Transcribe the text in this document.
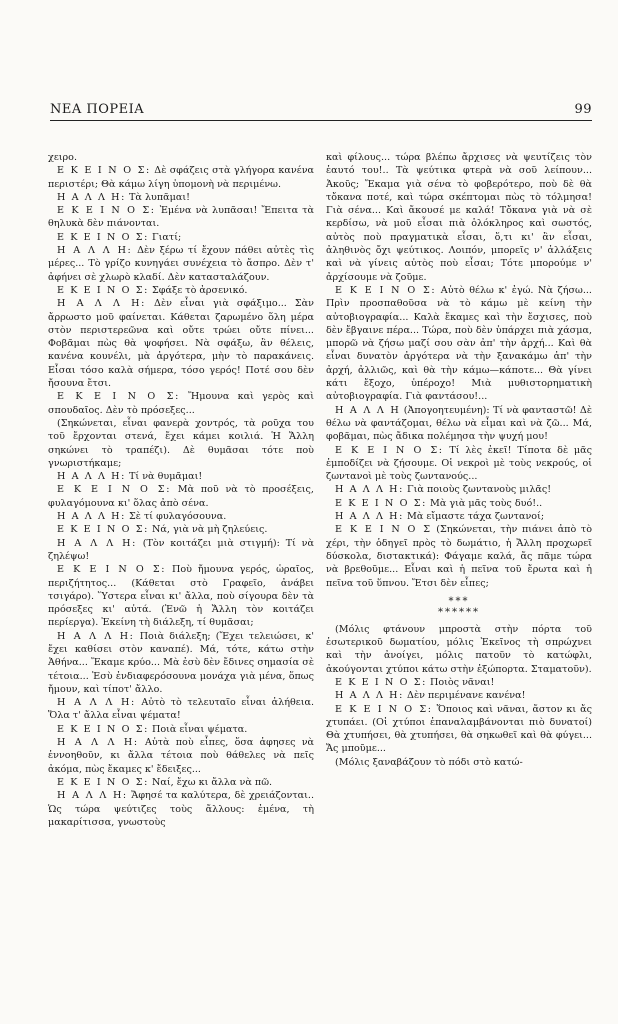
ΝΕΑ ΠΟΡΕΙΑ	99

χειρο.

Ε Κ Ε Ι Ν Ο Σ: Δὲ σφάζεις στὰ γλήγορα κανένα περιστέρι; Θὰ κάμω λίγη ὑπομονὴ νὰ περιμένω.

Η Α Λ Λ Η: Τὰ λυπᾶμαι!

Ε Κ Ε Ι Ν Ο Σ: Ἐμένα νὰ λυπᾶσαι! Ἔπειτα τὰ θηλυκὰ δὲν πιάνονται.

Ε Κ Ε Ι Ν Ο Σ: Γιατί;

Η Α Λ Λ Η: Δὲν ξέρω τί ἔχουν πάθει αὐτὲς τὶς μέρες... Τὸ γρίζο κυνηγάει συνέχεια τὸ ἄσπρο. Δὲν τ' ἀφήνει σὲ χλωρὸ κλαδί. Δὲν κατασταλάζουν.

Ε Κ Ε Ι Ν Ο Σ: Σφάξε τὸ ἀρσενικό.

Η Α Λ Λ Η: Δὲν εἶναι γιὰ σφάξιμο... Σὰν ἄρρωστο μοῦ φαίνεται. Κάθεται ζαρωμένο ὅλη μέρα στὸν περιστερεῶνα καὶ οὔτε τρώει οὔτε πίνει... Φοβᾶμαι πὼς θὰ ψοφήσει. Νὰ σφάξω, ἂν θέλεις, κανένα κουνέλι, μὰ ἀργότερα, μὴν τὸ παρακάνεις. Εἶσαι τόσο καλὰ σήμερα, τόσο γερός! Ποτέ σου δὲν ἤσουνα ἔτσι.

Ε Κ Ε Ι Ν Ο Σ: Ἤμουνα καὶ γερὸς καὶ σπουδαῖος. Δὲν τὸ πρόσεξες...

(Σηκώνεται, εἶναι φανερὰ χοντρός, τὰ ροῦχα του τοῦ ἔρχονται στενά, ἔχει κάμει κοιλιά. Ἡ Ἄλλη σηκώνει τὸ τραπέζι). Δὲ θυμᾶσαι τότε ποὺ γνωριστήκαμε;

Η Α Λ Λ Η: Τί νὰ θυμᾶμαι!

Ε Κ Ε Ι Ν Ο Σ: Μὰ ποῦ νὰ τὸ προσέξεις, φυλαγόμουνα κι' ὅλας ἀπὸ σένα.

Η Α Λ Λ Η: Σὲ τί φυλαγόσουνα.

Ε Κ Ε Ι Ν Ο Σ: Νά, γιὰ νὰ μὴ ζηλεύεις.

Η Α Λ Λ Η: (Τὸν κοιτάζει μιὰ στιγμή): Τί νὰ ζηλέψω!

Ε Κ Ε Ι Ν Ο Σ: Ποὺ ἤμουνα γερός, ὡραῖος, περιζήτητος... (Κάθεται στὸ Γραφεῖο, ἀνάβει τσιγάρο). Ὕστερα εἶναι κι' ἄλλα, ποὺ σίγουρα δὲν τὰ πρόσεξες κι' αὐτά. (Ἐνῶ ἡ Ἄλλη τὸν κοιτάζει περίεργα). Ἐκείνη τὴ διάλεξη, τί θυμᾶσαι;

Η Α Λ Λ Η: Ποιὰ διάλεξη; (Ἔχει τελειώσει, κ' ἔχει καθίσει στὸν καναπέ). Μά, τότε, κάτω στὴν Ἀθήνα... Ἔκαμε κρύο... Μὰ ἐσὺ δὲν ἔδινες σημασία σὲ τέτοια... Ἐσὺ ἐνδιαφερόσουνα μονάχα γιὰ μένα, ὅπως ἤμουν, καὶ τίποτ' ἄλλο.

Η Α Λ Λ Η: Αὐτὸ τὸ τελευταῖο εἶναι ἀλήθεια. Ὅλα τ' ἄλλα εἶναι ψέματα!

Ε Κ Ε Ι Ν Ο Σ: Ποιὰ εἶναι ψέματα.

Η Α Λ Λ Η: Αὐτὰ ποὺ εἶπες, ὅσα ἀφησες νὰ ἐννοηθοῦν, κι ἄλλα τέτοια ποὺ θάθελες νὰ πεῖς ἀκόμα, πὼς ἔκαμες κ' ἔδειξες...

Ε Κ Ε Ι Ν Ο Σ: Ναί, ἔχω κι ἄλλα νὰ πῶ.

Η Α Λ Λ Η: Ἄφησέ τα καλύτερα, δὲ χρειάζονται.. Ὡς τώρα ψεύτιζες τοὺς ἄλλους: ἐμένα, τὴ μακαρίτισσα, γνωστοὺς

καὶ φίλους... τώρα βλέπω ἄρχισες νὰ ψευτίζεις τὸν ἑαυτό του!.. Τὰ ψεύτικα φτερὰ νὰ σοῦ λείπουν... Ἀκοῦς; Ἔκαμα γιὰ σένα τὸ φοβερότερο, ποὺ δὲ θὰ τὄκανα ποτέ, καὶ τώρα σκέπτομαι πὼς τὸ τόλμησα! Γιὰ σένα... Καὶ ἄκουσέ με καλά! Τὄκανα γιὰ νὰ σὲ κερδίσω, νὰ μοῦ εἶσαι πιὰ ὁλόκληρος καὶ σωστός, αὐτὸς ποὺ πραγματικὰ εἶσαι, ὅ,τι κι' ἂν εἶσαι, ἀληθινὸς ὄχι ψεύτικος. Λοιπόν, μπορεῖς ν' ἀλλάξεις καὶ νὰ γίνεις αὐτὸς ποὺ εἶσαι; Τότε μπορούμε ν' ἀρχίσουμε νὰ ζοῦμε.

Ε Κ Ε Ι Ν Ο Σ: Αὐτὸ θέλω κ' ἐγώ. Νὰ ζήσω... Πρὶν προσπαθοῦσα νὰ τὸ κάμω μὲ κείνη τὴν αὐτοβιογραφία... Καλὰ ἔκαμες καὶ τὴν ἔσχισες, ποὺ δὲν ἔβγαινε πέρα... Τώρα, ποὺ δὲν ὑπάρχει πιὰ χάσμα, μπορῶ νὰ ζήσω μαζί σου σὰν ἀπ' τὴν ἀρχή... Καὶ θὰ εἶναι δυνατὸν ἀργότερα νὰ τὴν ξανακάμω ἀπ' τὴν ἀρχή, ἀλλιῶς, καὶ θὰ τὴν κάμω—κάποτε... Θὰ γίνει κάτι ἔξοχο, ὑπέροχο! Μιὰ μυθιστορηματικὴ αὐτοβιογραφία. Γιὰ φαντάσου!...

Η Α Λ Λ Η (Ἀπογοητευμένη): Τί νὰ φανταστῶ! Δὲ θέλω νὰ φαντάζομαι, θέλω νὰ εἶμαι καὶ νὰ ζῶ... Μά, φοβᾶμαι, πὼς ἄδικα πολέμησα τὴν ψυχή μου!

Ε Κ Ε Ι Ν Ο Σ: Τί λὲς ἐκεῖ! Τίποτα δὲ μᾶς ἐμποδίζει νὰ ζήσουμε. Οἱ νεκροὶ μὲ τοὺς νεκρούς, οἱ ζωντανοὶ μὲ τοὺς ζωντανούς...

Η Α Λ Λ Η: Γιὰ ποιοὺς ζωντανοὺς μιλᾶς!

Ε Κ Ε Ι Ν Ο Σ: Μὰ γιὰ μᾶς τοὺς δυό!..

Η Α Λ Λ Η: Μὰ εἴμαστε τάχα ζωντανοί;

Ε Κ Ε Ι Ν Ο Σ (Σηκώνεται, τὴν πιάνει ἀπὸ τὸ χέρι, τὴν ὁδηγεῖ πρὸς τὸ δωμάτιο, ἡ Ἄλλη προχωρεῖ δύσκολα, διστακτικά): Φάγαμε καλά, ἄς πᾶμε τώρα νὰ βρεθοῦμε... Εἶναι καὶ ἡ πεῖνα τοῦ ἔρωτα καὶ ἡ πεῖνα τοῦ ὕπνου. Ἔτσι δὲν εἶπες;

***
******

(Μόλις φτάνουν μπροστὰ στὴν πόρτα τοῦ ἐσωτερικοῦ δωματίου, μόλις Ἐκεῖνος τὴ σπρώχνει καὶ τὴν ἀνοίγει, μόλις πατοῦν τὸ κατώφλι, ἀκούγονται χτύποι κάτω στὴν ἐξώπορτα. Σταματοῦν).

Ε Κ Ε Ι Ν Ο Σ: Ποιὸς νᾶναι!

Η Α Λ Λ Η: Δὲν περιμένανε κανένα!

Ε Κ Ε Ι Ν Ο Σ: Ὅποιος καὶ νᾶναι, ἄστον κι ἄς χτυπάει. (Οἱ χτύποι ἐπαναλαμβάνονται πιὸ δυνατοί) Θὰ χτυπήσει, θὰ χτυπήσει, θὰ σηκωθεῖ καὶ θὰ φύγει... Ἄς μποῦμε...

(Μόλις ξαναβάζουν τὸ πόδι στὸ κατώ-
